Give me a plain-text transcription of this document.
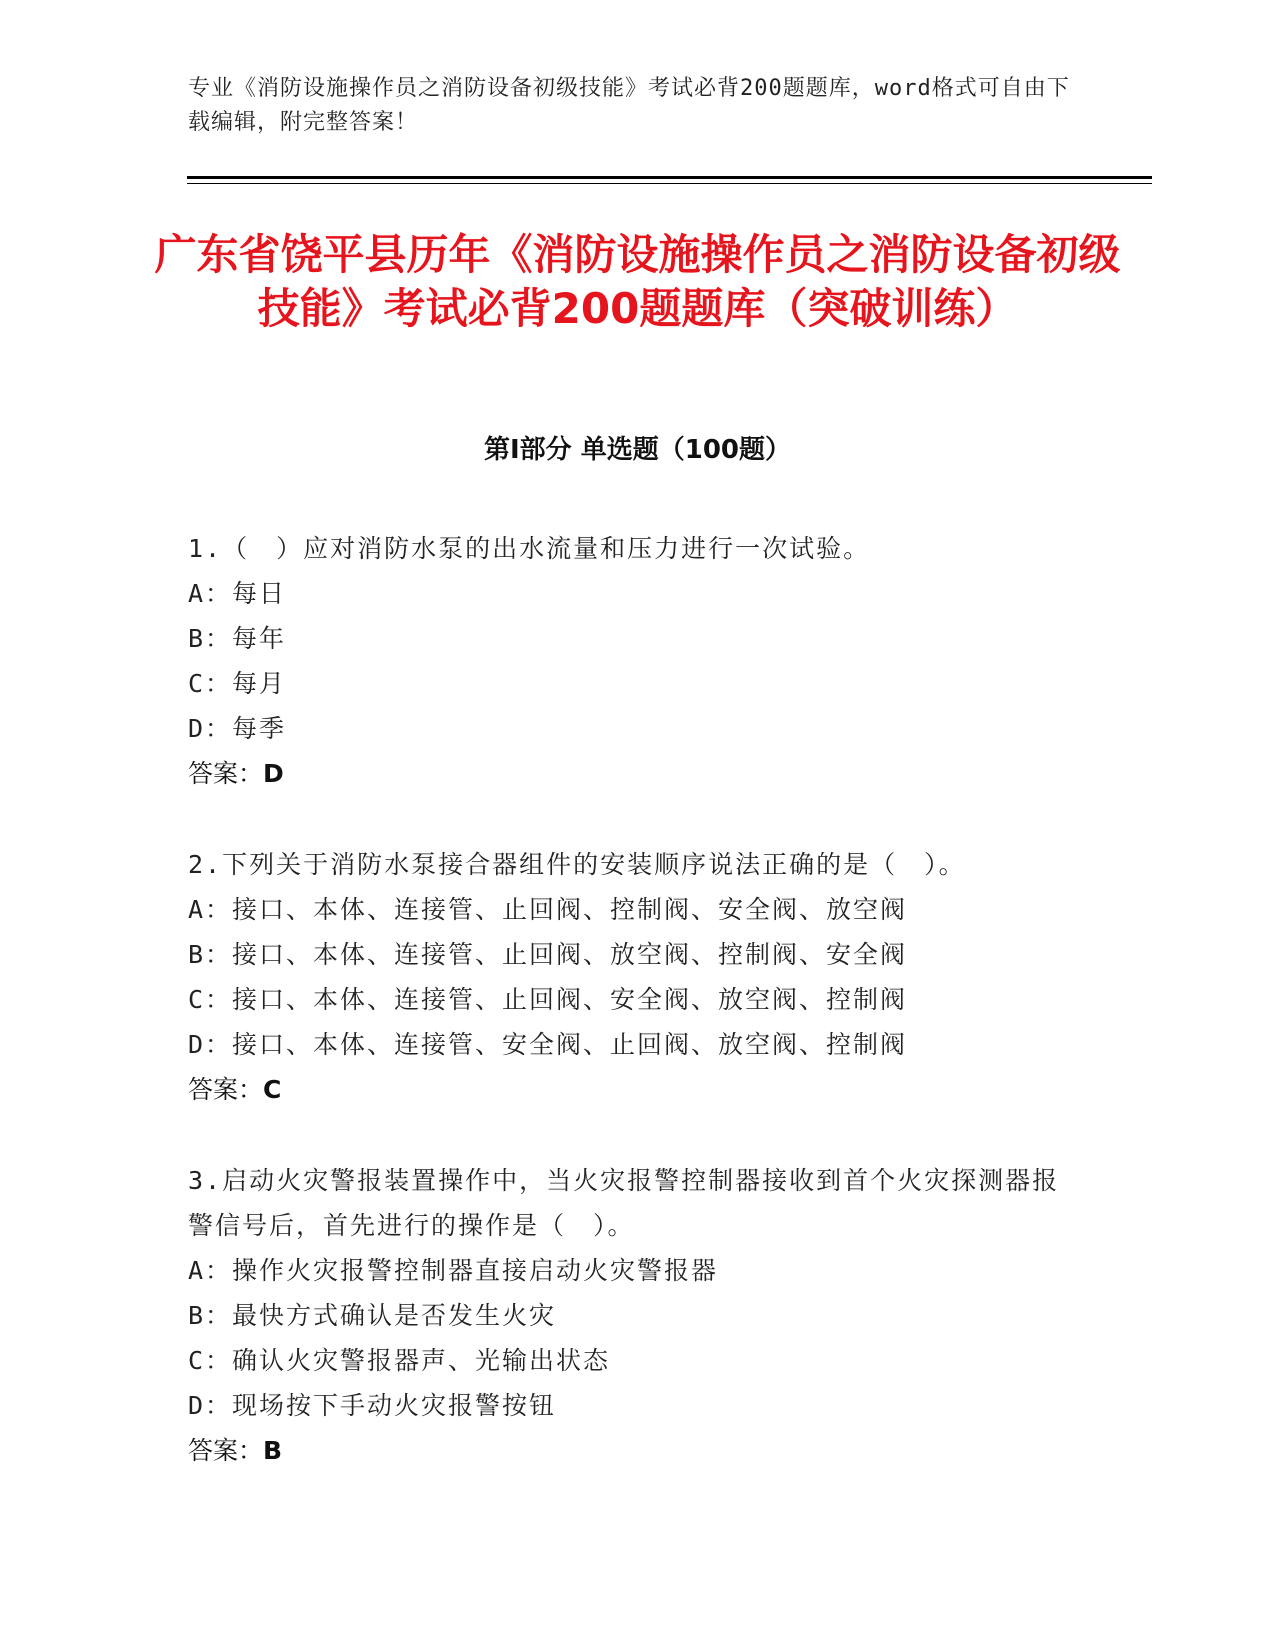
专业《消防设施操作员之消防设备初级技能》考试必背200题题库，word格式可自由下载编辑，附完整答案！
广东省饶平县历年《消防设施操作员之消防设备初级技能》考试必背200题题库（突破训练）
第Ⅰ部分 单选题（100题）

1.（　）应对消防水泵的出水流量和压力进行一次试验。

A：每日

B：每年

C：每月

D：每季

答案：D

2.下列关于消防水泵接合器组件的安装顺序说法正确的是（　）。

A：接口、本体、连接管、止回阀、控制阀、安全阀、放空阀

B：接口、本体、连接管、止回阀、放空阀、控制阀、安全阀

C：接口、本体、连接管、止回阀、安全阀、放空阀、控制阀

D：接口、本体、连接管、安全阀、止回阀、放空阀、控制阀

答案：C

3.启动火灾警报装置操作中，当火灾报警控制器接收到首个火灾探测器报警信号后，首先进行的操作是（　）。

A：操作火灾报警控制器直接启动火灾警报器

B：最快方式确认是否发生火灾

C：确认火灾警报器声、光输出状态

D：现场按下手动火灾报警按钮

答案：B
